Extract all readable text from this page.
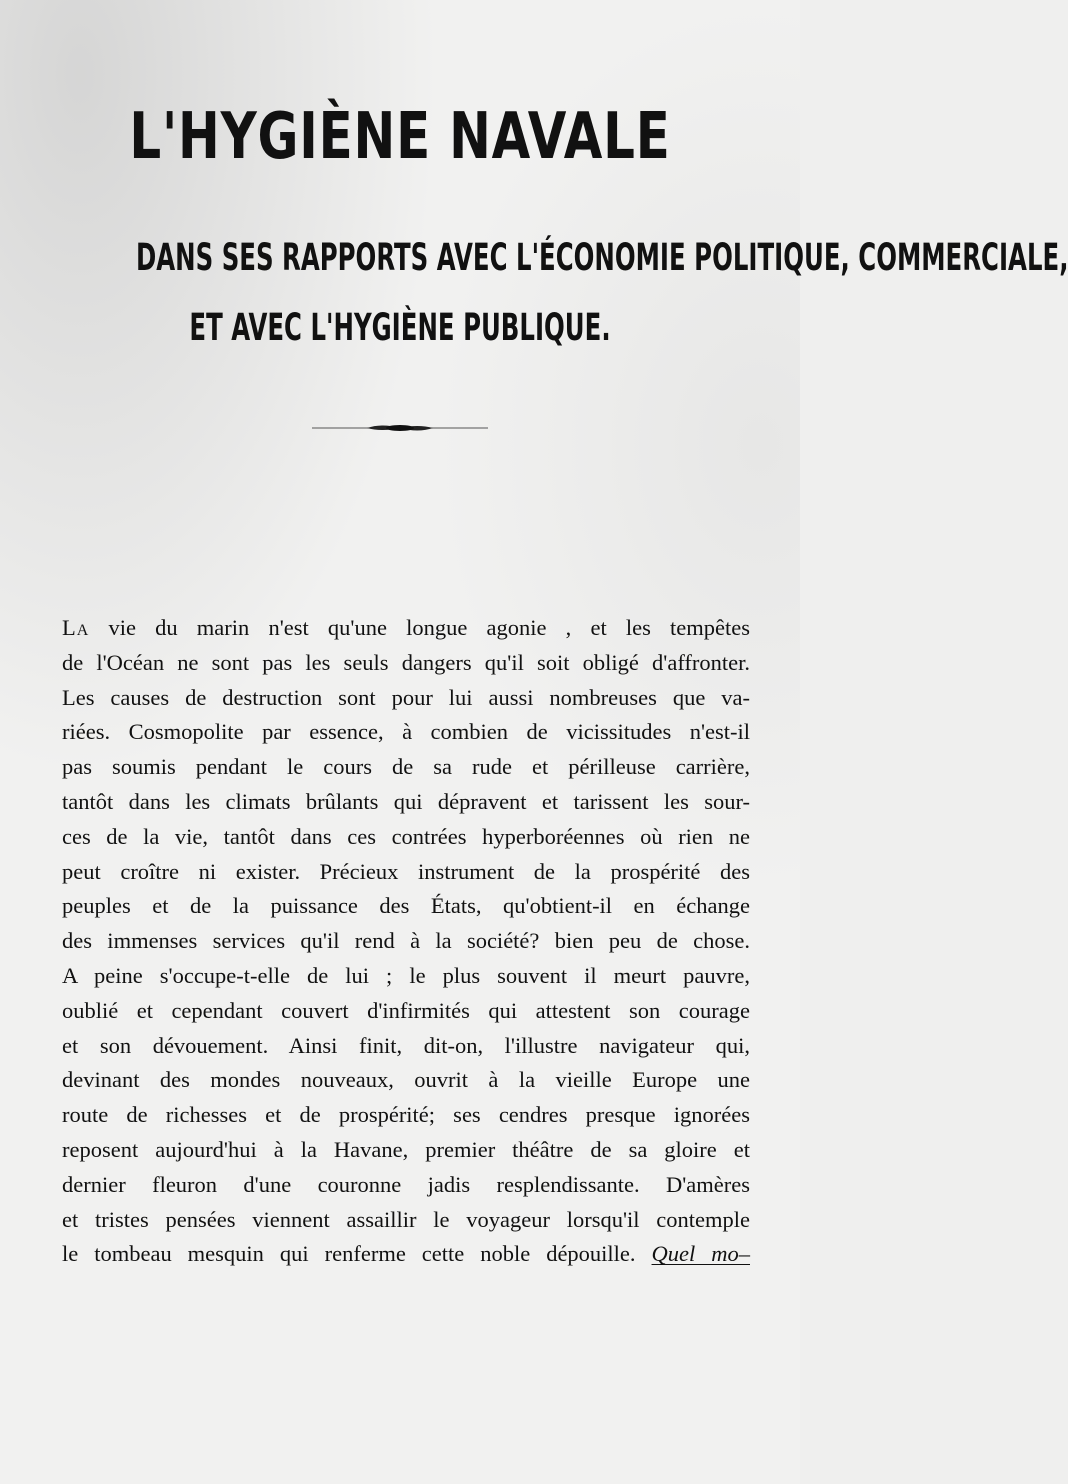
L'HYGIÈNE NAVALE
DANS SES RAPPORTS AVEC L'ÉCONOMIE POLITIQUE, COMMERCIALE,
ET AVEC L'HYGIÈNE PUBLIQUE.
La vie du marin n'est qu'une longue agonie , et les tempêtes
de l'Océan ne sont pas les seuls dangers qu'il soit obligé d'affronter.
Les causes de destruction sont pour lui aussi nombreuses que va-
riées. Cosmopolite par essence, à combien de vicissitudes n'est-il
pas soumis pendant le cours de sa rude et périlleuse carrière,
tantôt dans les climats brûlants qui dépravent et tarissent les sour-
ces de la vie, tantôt dans ces contrées hyperboréennes où rien ne
peut croître ni exister. Précieux instrument de la prospérité des
peuples et de la puissance des États, qu'obtient-il en échange
des immenses services qu'il rend à la société? bien peu de chose.
A peine s'occupe-t-elle de lui ; le plus souvent il meurt pauvre,
oublié et cependant couvert d'infirmités qui attestent son courage
et son dévouement. Ainsi finit, dit-on, l'illustre navigateur qui,
devinant des mondes nouveaux, ouvrit à la vieille Europe une
route de richesses et de prospérité; ses cendres presque ignorées
reposent aujourd'hui à la Havane, premier théâtre de sa gloire et
dernier fleuron d'une couronne jadis resplendissante. D'amères
et tristes pensées viennent assaillir le voyageur lorsqu'il contemple
le tombeau mesquin qui renferme cette noble dépouille. Quel mo–
